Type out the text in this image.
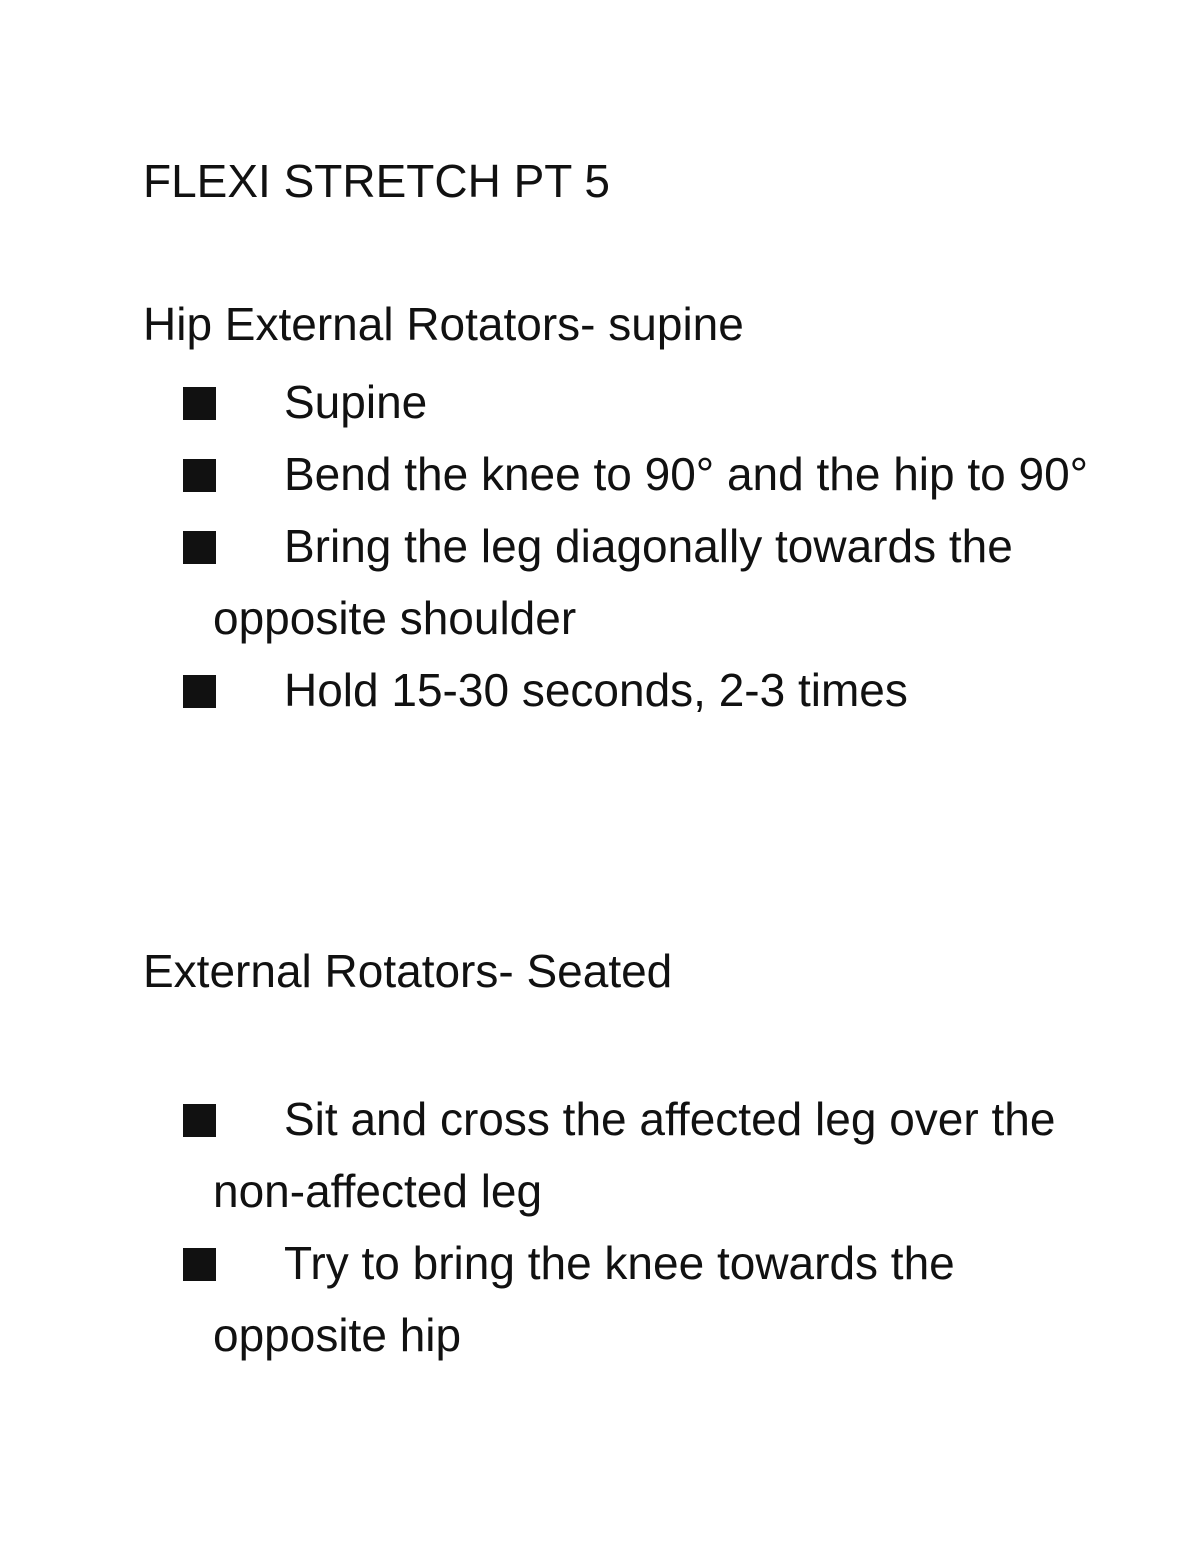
FLEXI STRETCH PT 5
Hip External Rotators- supine
Supine
Bend the knee to 90° and the hip to 90°
Bring the leg diagonally towards the opposite shoulder
Hold 15-30 seconds, 2-3 times
External Rotators- Seated
Sit and cross the affected leg over the non-affected leg
Try to bring the knee towards the opposite hip
